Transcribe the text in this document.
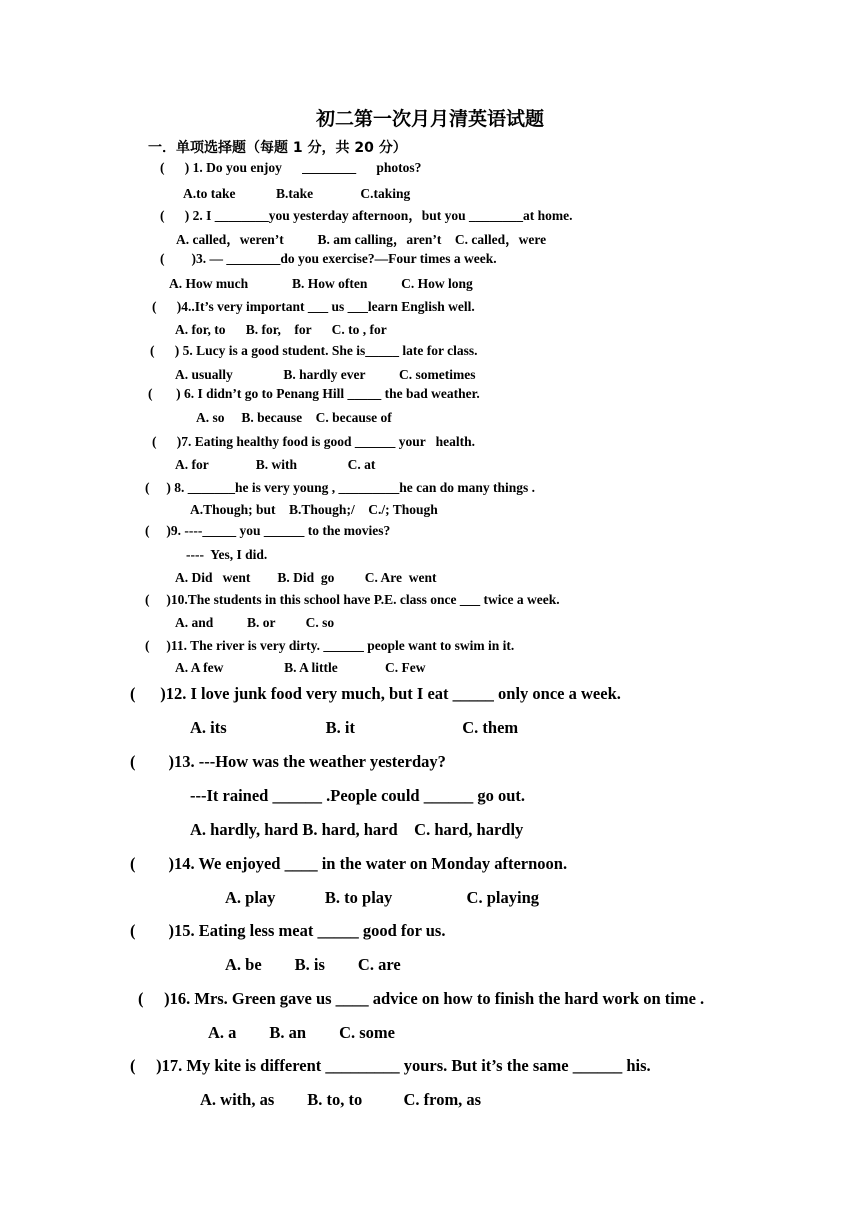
初二第一次月月清英语试题
一．单项选择题（每题 1 分，共 20 分）
(      ) 1. Do you enjoy      ________      photos?
A.to take            B.take              C.taking
(      ) 2. I ________you yesterday afternoon，but you ________at home.
A. called，weren’t          B. am calling，aren’t    C. called，were
(        )3. — ________do you exercise?—Four times a week.
A. How much             B. How often          C. How long
(      )4..It’s very important ___ us ___learn English well.
A. for, to      B. for,    for      C. to , for
(      ) 5. Lucy is a good student. She is_____ late for class.
A. usually               B. hardly ever          C. sometimes
(       ) 6. I didn’t go to Penang Hill _____ the bad weather.
A. so     B. because    C. because of
(      )7. Eating healthy food is good ______ your   health.
A. for              B. with               C. at
(     ) 8. _______he is very young , _________he can do many things .
A.Though; but    B.Though;/    C./; Though
(     )9. ----_____ you ______ to the movies?
----  Yes, I did.
A. Did   went        B. Did  go         C. Are  went
(     )10.The students in this school have P.E. class once ___ twice a week.
A. and          B. or         C. so
(     )11. The river is very dirty. ______ people want to swim in it.
A. A few                  B. A little              C. Few
(      )12. I love junk food very much, but I eat _____ only once a week.
A. its                        B. it                          C. them
(        )13. ---How was the weather yesterday?
---It rained ______ .People could ______ go out.
A. hardly, hard B. hard, hard    C. hard, hardly
(        )14. We enjoyed ____ in the water on Monday afternoon.
A. play            B. to play                  C. playing
(        )15. Eating less meat _____ good for us.
A. be        B. is        C. are
(     )16. Mrs. Green gave us ____ advice on how to finish the hard work on time .
A. a        B. an        C. some
(     )17. My kite is different _________ yours. But it’s the same ______ his.
A. with, as        B. to, to          C. from, as
